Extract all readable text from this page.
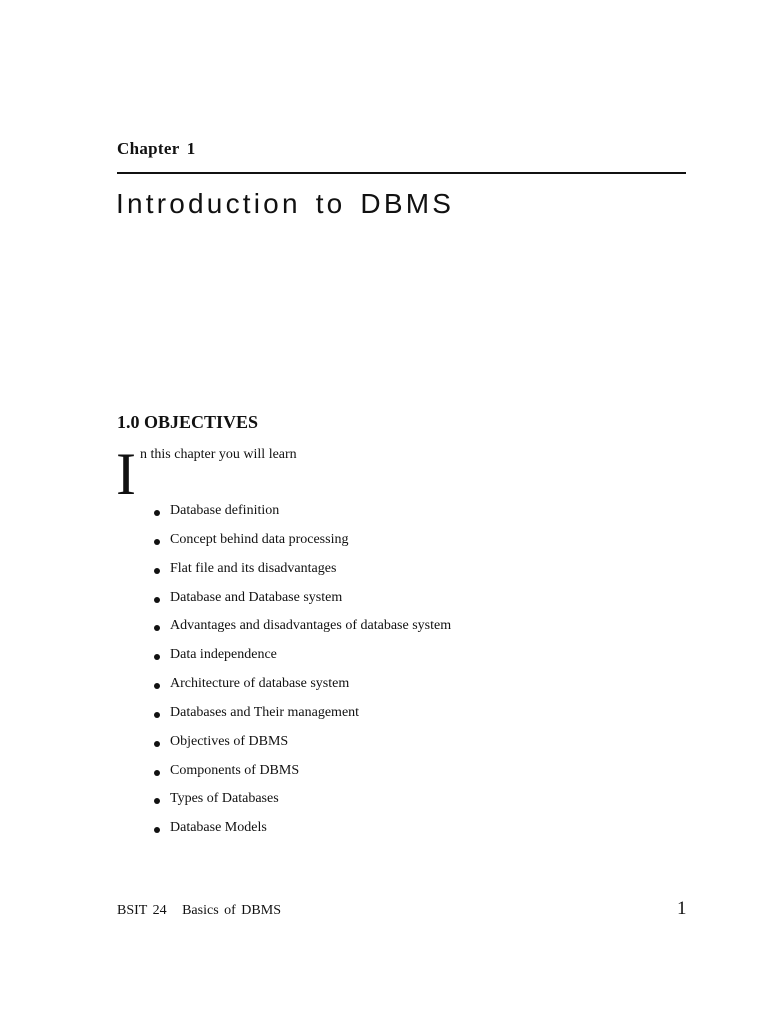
Chapter 1
Introduction to DBMS
1.0 OBJECTIVES
I n this chapter you will learn
Database definition
Concept behind data processing
Flat file and its disadvantages
Database and Database system
Advantages and disadvantages of database system
Data independence
Architecture of database system
Databases and Their management
Objectives of DBMS
Components of DBMS
Types of Databases
Database Models
BSIT 24 Basics of DBMS	1
